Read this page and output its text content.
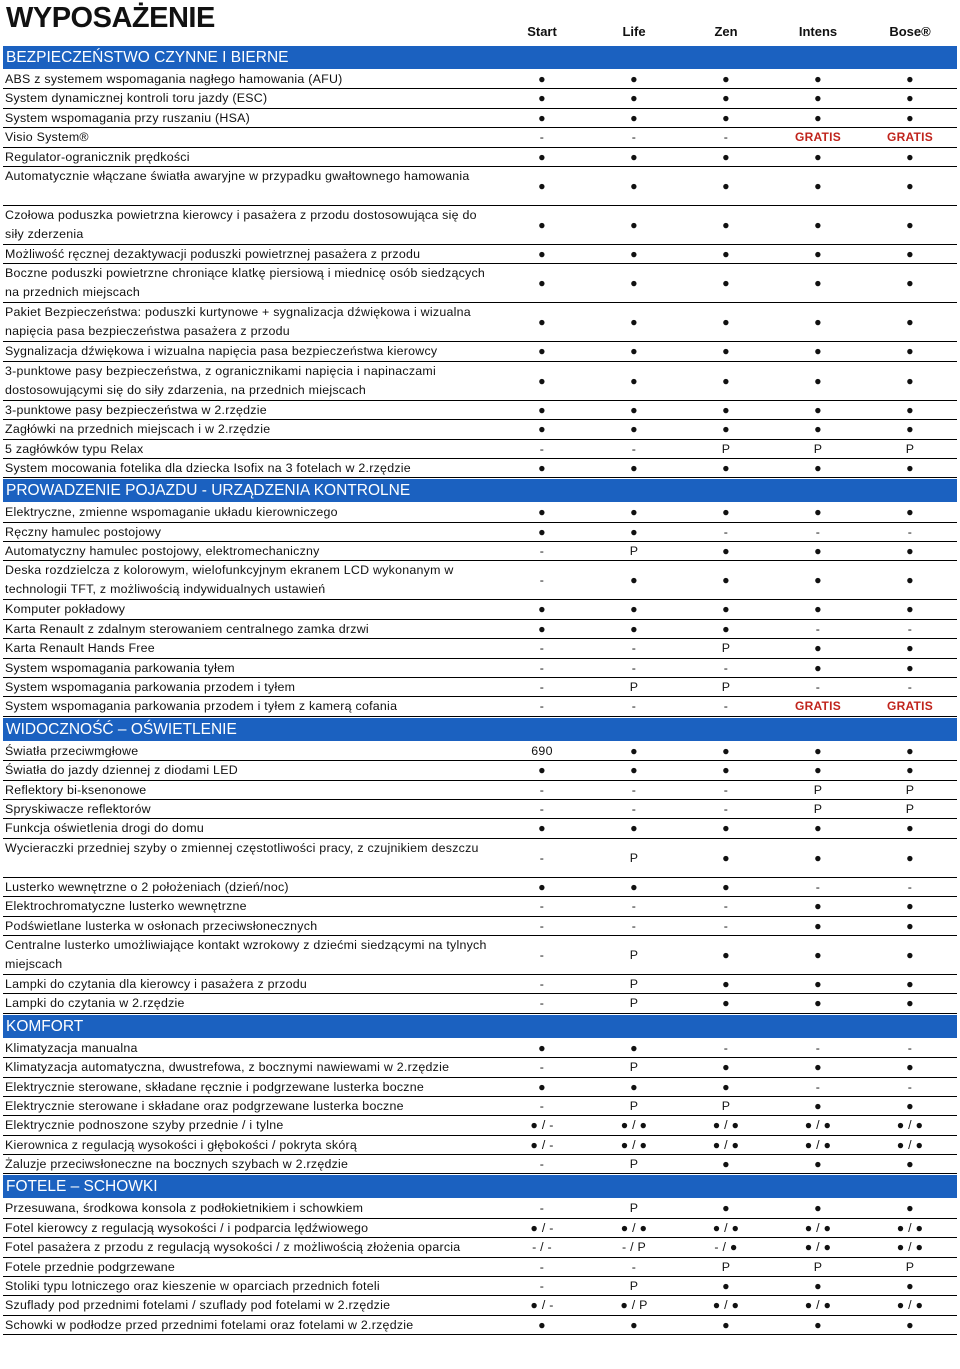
WYPOSAŻENIE	Start	Life	Zen	Intens	Bose®
BEZPIECZEŃSTWO CZYNNE I BIERNE
ABS z systemem wspomagania nagłego hamowania (AFU)	●	●	●	●	●
System dynamicznej kontroli toru jazdy (ESC)	●	●	●	●	●
System wspomagania przy ruszaniu (HSA)	●	●	●	●	●
Visio System®	-	-	-	GRATIS	GRATIS
Regulator-ogranicznik prędkości	●	●	●	●	●
Automatycznie włączane światła awaryjne w przypadku gwałtownego hamowania
●	●	●	●	●
Czołowa poduszka powietrzna kierowcy i pasażera z przodu dostosowująca się do siły zderzenia
●	●	●	●	●
Możliwość ręcznej dezaktywacji poduszki powietrznej pasażera z przodu	●	●	●	●	●
Boczne poduszki powietrzne chroniące klatkę piersiową i miednicę osób siedzących na przednich miejscach
●	●	●	●	●
Pakiet Bezpieczeństwa: poduszki kurtynowe + sygnalizacja dźwiękowa i wizualna napięcia pasa bezpieczeństwa pasażera z przodu
●	●	●	●	●
Sygnalizacja dźwiękowa i wizualna napięcia pasa bezpieczeństwa kierowcy	●	●	●	●	●
3-punktowe pasy bezpieczeństwa, z ogranicznikami napięcia i napinaczami dostosowującymi się do siły zdarzenia, na przednich miejscach
●	●	●	●	●
3-punktowe pasy bezpieczeństwa w 2.rzędzie	●	●	●	●	●
Zagłówki na przednich miejscach i w 2.rzędzie	●	●	●	●	●
5 zagłówków typu Relax	-	-	P	P	P
System mocowania fotelika dla dziecka Isofix na 3 fotelach w 2.rzędzie	●	●	●	●	●
PROWADZENIE POJAZDU - URZĄDZENIA KONTROLNE
Elektryczne, zmienne wspomaganie układu kierowniczego	●	●	●	●	●
Ręczny hamulec postojowy	●	●	-	-	-
Automatyczny hamulec postojowy, elektromechaniczny	-	P	●	●	●
Deska rozdzielcza z kolorowym, wielofunkcyjnym ekranem LCD wykonanym w technologii TFT, z możliwością indywidualnych ustawień
-	●	●	●	●
Komputer pokładowy	●	●	●	●	●
Karta Renault z zdalnym sterowaniem centralnego zamka drzwi	●	●	●	-	-
Karta Renault Hands Free	-	-	P	●	●
System wspomagania parkowania tyłem	-	-	-	●	●
System wspomagania parkowania przodem i tyłem	-	P	P	-	-
System wspomagania parkowania przodem i tyłem z kamerą cofania	-	-	-	GRATIS	GRATIS
WIDOCZNOŚĆ – OŚWIETLENIE
Światła przeciwmgłowe	690	●	●	●	●
Światła do jazdy dziennej z diodami LED	●	●	●	●	●
Reflektory bi-ksenonowe	-	-	-	P	P
Spryskiwacze reflektorów	-	-	-	P	P
Funkcja oświetlenia drogi do domu	●	●	●	●	●
Wycieraczki przedniej szyby o zmiennej częstotliwości pracy, z czujnikiem deszczu
-	P	●	●	●
Lusterko wewnętrzne o 2 położeniach (dzień/noc)	●	●	●	-	-
Elektrochromatyczne lusterko wewnętrzne	-	-	-	●	●
Podświetlane lusterka w osłonach przeciwsłonecznych	-	-	-	●	●
Centralne lusterko umożliwiające kontakt wzrokowy z dziećmi siedzącymi na tylnych miejscach
-	P	●	●	●
Lampki do czytania dla kierowcy i pasażera z przodu	-	P	●	●	●
Lampki do czytania w 2.rzędzie	-	P	●	●	●
KOMFORT
Klimatyzacja manualna	●	●	-	-	-
Klimatyzacja automatyczna, dwustrefowa, z bocznymi nawiewami w 2.rzędzie	-	P	●	●	●
Elektrycznie sterowane, składane ręcznie i podgrzewane lusterka boczne	●	●	●	-	-
Elektrycznie sterowane i składane oraz podgrzewane lusterka boczne	-	P	P	●	●
Elektrycznie podnoszone szyby przednie / i tylne	● / -	● / ●	● / ●	● / ●	● / ●
Kierownica z regulacją wysokości i głębokości / pokryta skórą	● / -	● / ●	● / ●	● / ●	● / ●
Żaluzje przeciwsłoneczne na bocznych szybach w 2.rzędzie	-	P	●	●	●
FOTELE – SCHOWKI
Przesuwana, środkowa konsola z podłokietnikiem i schowkiem	-	P	●	●	●
Fotel kierowcy z regulacją wysokości / i podparcia lędźwiowego	● / -	● / ●	● / ●	● / ●	● / ●
Fotel pasażera z przodu z regulacją wysokości / z możliwością złożenia oparcia	- / -	- / P	- / ●	● / ●	● / ●
Fotele przednie podgrzewane	-	-	P	P	P
Stoliki typu lotniczego oraz kieszenie w oparciach przednich foteli	-	P	●	●	●
Szuflady pod przednimi fotelami / szuflady pod fotelami w 2.rzędzie	● / -	● / P	● / ●	● / ●	● / ●
Schowki w podłodze przed przednimi fotelami oraz fotelami w 2.rzędzie	●	●	●	●	●
